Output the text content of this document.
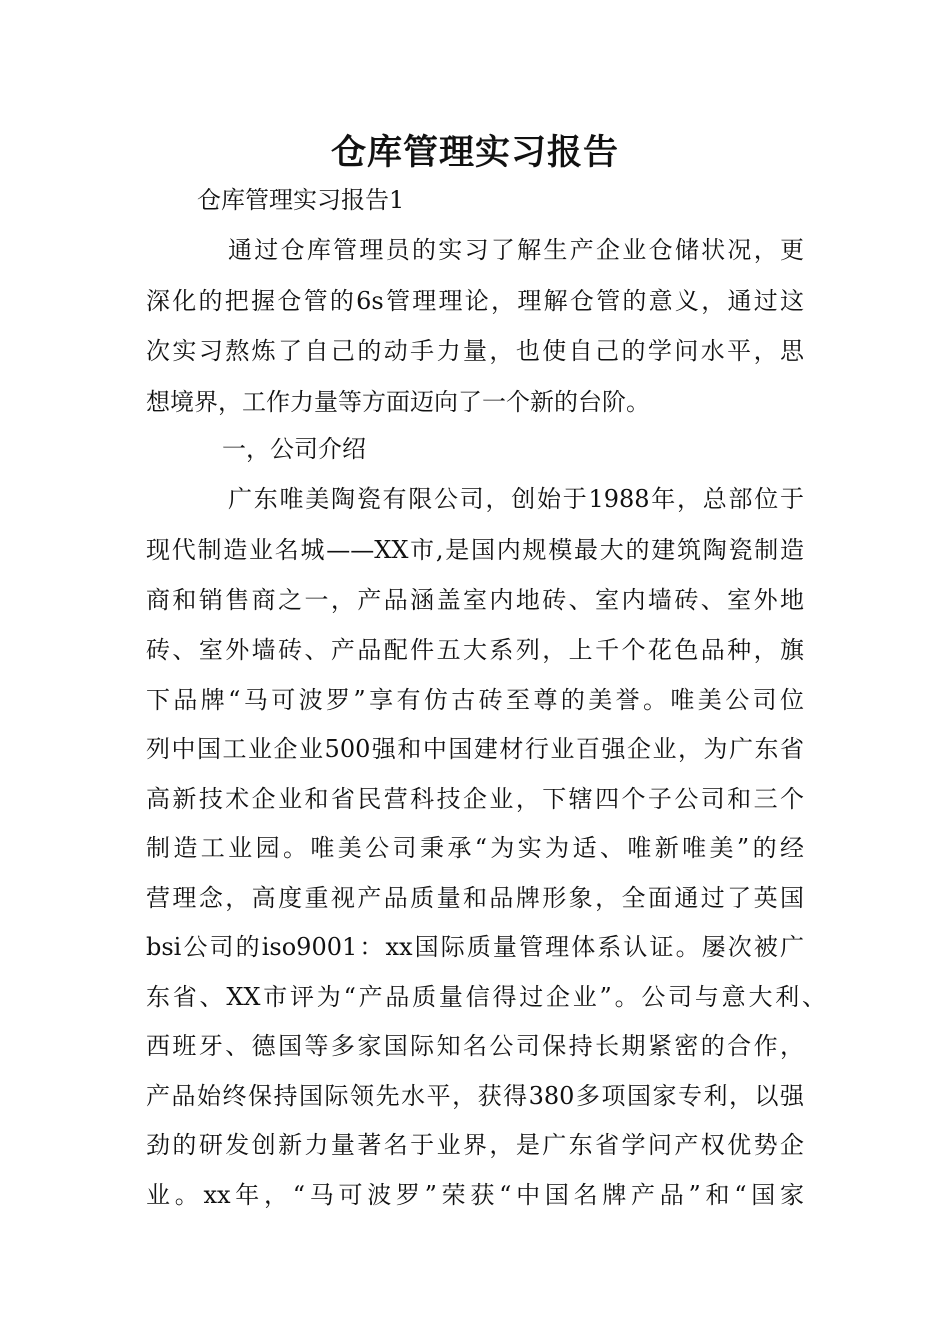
仓库管理实习报告

仓库管理实习报告1

通过仓库管理员的实习了解生产企业仓储状况，更

深化的把握仓管的6s管理理论，理解仓管的意义，通过这

次实习熬炼了自己的动手力量，也使自己的学问水平，思

想境界，工作力量等方面迈向了一个新的台阶。

一，公司介绍

广东唯美陶瓷有限公司，创始于1988年，总部位于

现代制造业名城——XX市,是国内规模最大的建筑陶瓷制造

商和销售商之一，产品涵盖室内地砖、室内墙砖、室外地

砖、室外墙砖、产品配件五大系列，上千个花色品种，旗

下品牌“马可波罗”享有仿古砖至尊的美誉。唯美公司位

列中国工业企业500强和中国建材行业百强企业，为广东省

高新技术企业和省民营科技企业，下辖四个子公司和三个

制造工业园。唯美公司秉承“为实为适、唯新唯美”的经

营理念，高度重视产品质量和品牌形象，全面通过了英国

bsi公司的iso9001：xx国际质量管理体系认证。屡次被广

东省、XX市评为“产品质量信得过企业”。公司与意大利、

西班牙、德国等多家国际知名公司保持长期紧密的合作，

产品始终保持国际领先水平，获得380多项国家专利，以强

劲的研发创新力量著名于业界，是广东省学问产权优势企

业。xx年，“马可波罗”荣获“中国名牌产品”和“国家
